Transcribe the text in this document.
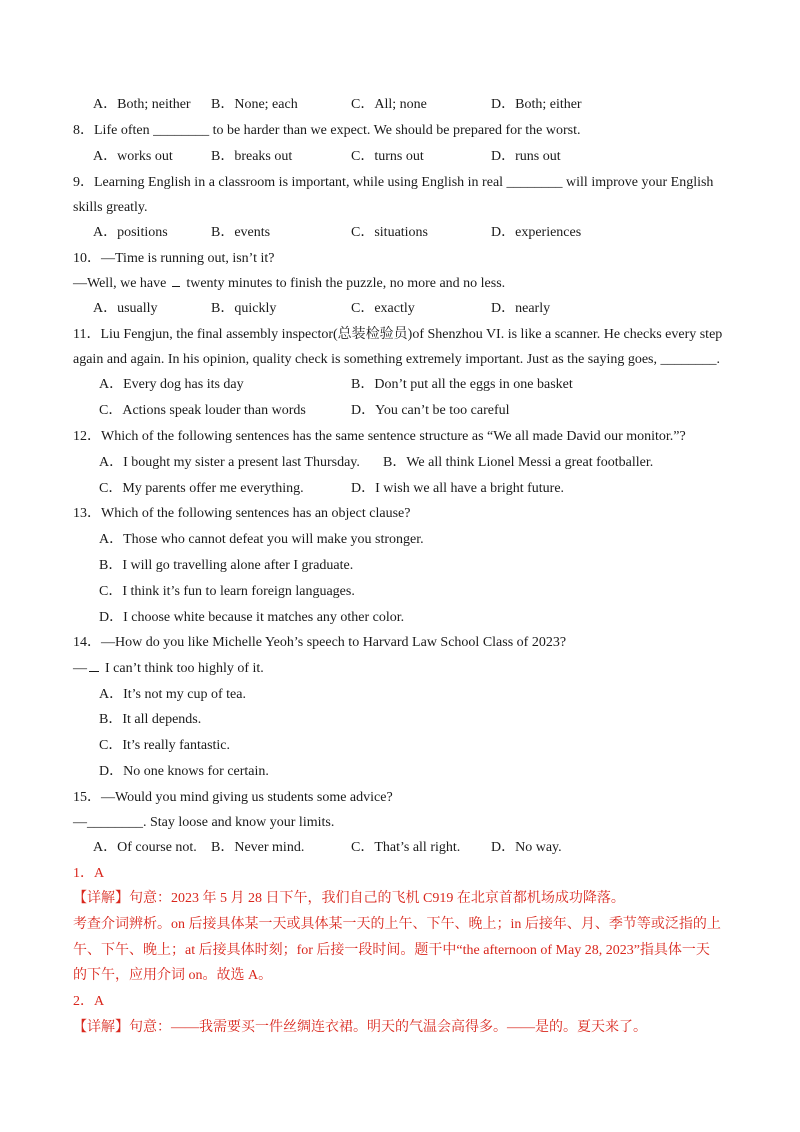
A．Both; neither B．None; each	C．All; none	D．Both; either
8．Life often ________ to be harder than we expect. We should be prepared for the worst.
A．works out	B．breaks out	C．turns out	D．runs out
9．Learning English in a classroom is important, while using English in real ________ will improve your English
skills greatly.
A．positions	B．events	C．situations	D．experiences
10．—Time is running out, isn’t it?
—Well, we have twenty minutes to finish the puzzle, no more and no less.
A．usually	B．quickly	C．exactly	D．nearly
11．Liu Fengjun, the final assembly inspector(总装检验员)of Shenzhou VI. is like a scanner. He checks every step
again and again. In his opinion, quality check is something extremely important. Just as the saying goes, ________.
A．Every dog has its day	B．Don’t put all the eggs in one basket
C．Actions speak louder than words	D．You can’t be too careful
12．Which of the following sentences has the same sentence structure as “We all made David our monitor.”?
A．I bought my sister a present last Thursday. B．We all think Lionel Messi a great footballer.
C．My parents offer me everything.	D．I wish we all have a bright future.
13．Which of the following sentences has an object clause?
A．Those who cannot defeat you will make you stronger.
B．I will go travelling alone after I graduate.
C．I think it’s fun to learn foreign languages.
D．I choose white because it matches any other color.
14．—How do you like Michelle Yeoh’s speech to Harvard Law School Class of 2023?
— I can’t think too highly of it.
A．It’s not my cup of tea.
B．It all depends.
C．It’s really fantastic.
D．No one knows for certain.
15．—Would you mind giving us students some advice?
—________. Stay loose and know your limits.
A．Of course not. B．Never mind.	C．That’s all right. D．No way.
1．A
【详解】句意：2023 年 5 月 28 日下午，我们自己的飞机 C919 在北京首都机场成功降落。
考查介词辨析。on 后接具体某一天或具体某一天的上午、下午、晚上；in 后接年、月、季节等或泛指的上
午、下午、晚上；at 后接具体时刻；for 后接一段时间。题干中“the afternoon of May 28, 2023”指具体一天
的下午，应用介词 on。故选 A。
2．A
【详解】句意：——我需要买一件丝绸连衣裙。明天的气温会高得多。——是的。夏天来了。
